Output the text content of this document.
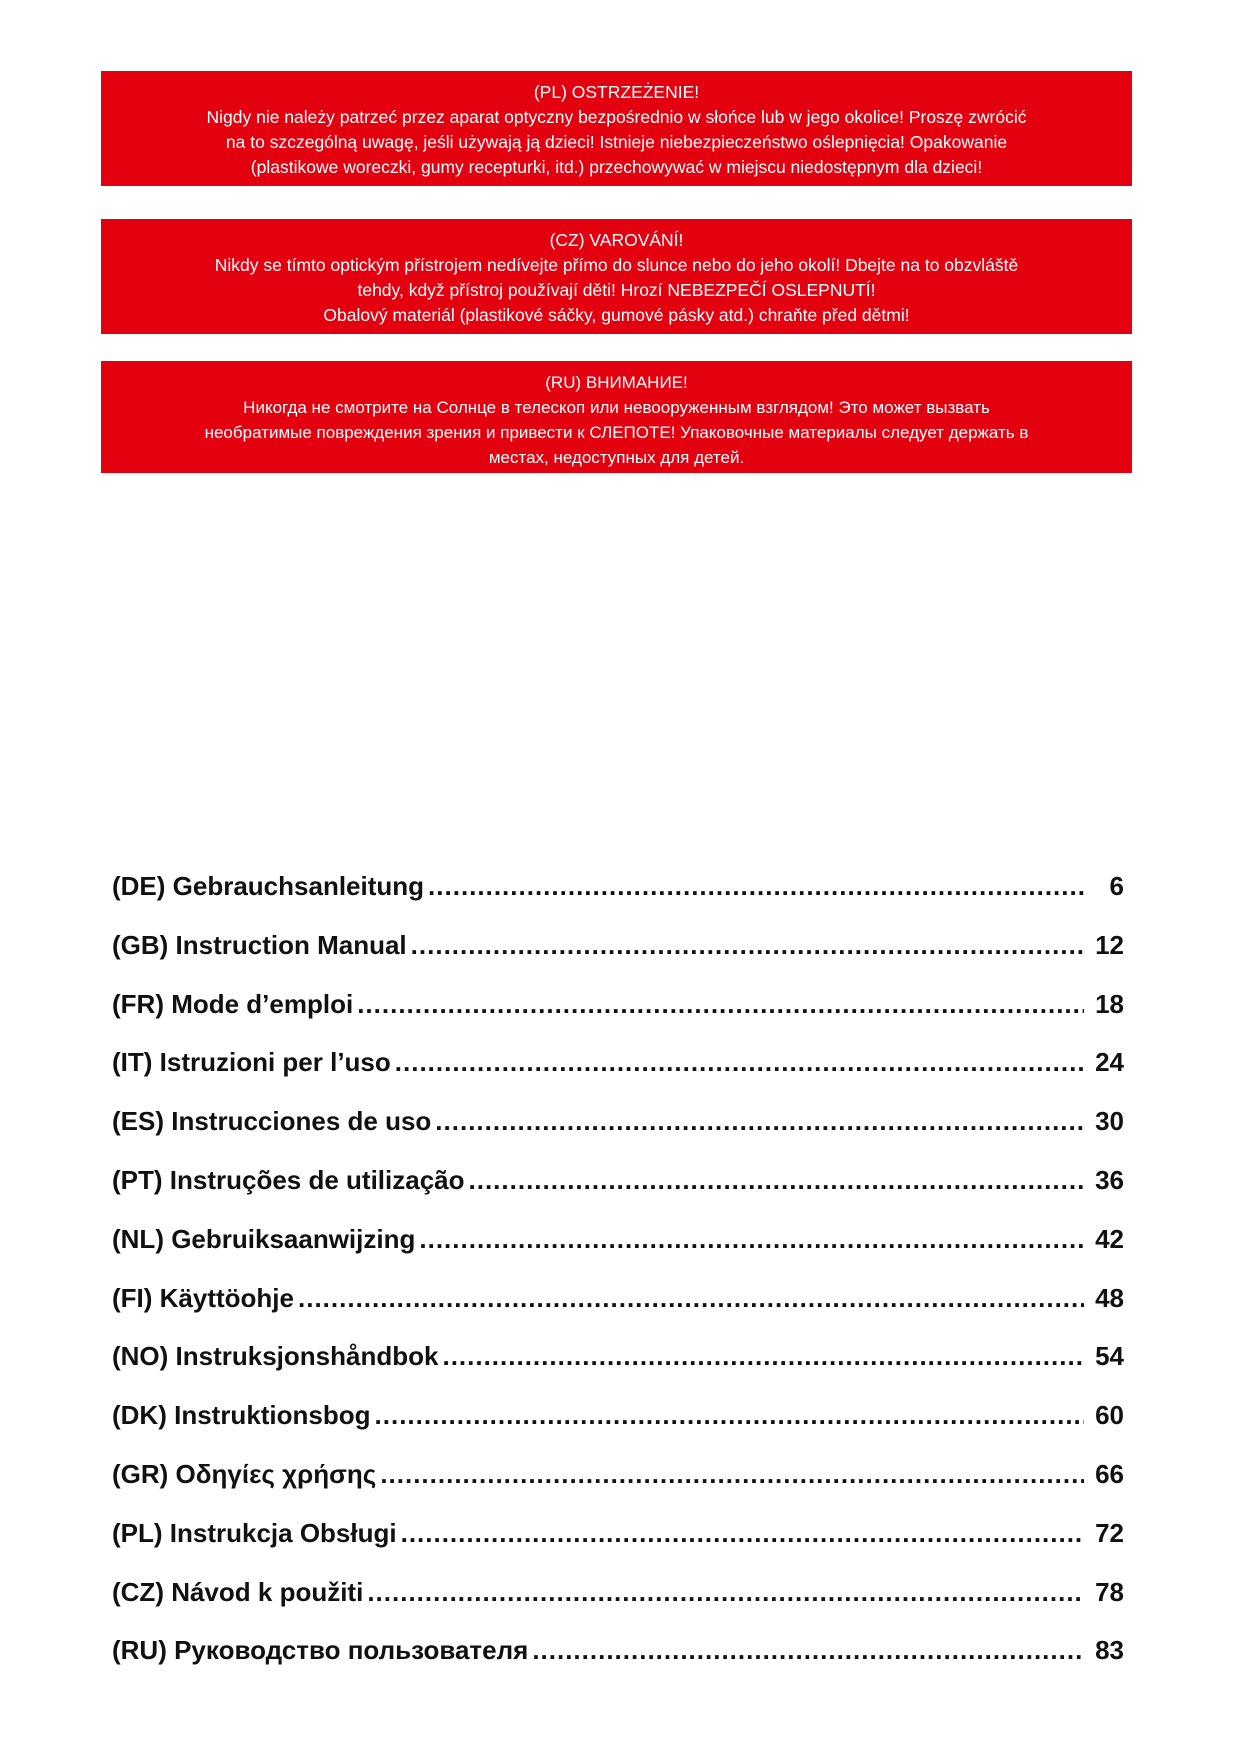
(PL) OSTRZEŻENIE!
Nigdy nie należy patrzeć przez aparat optyczny bezpośrednio w słońce lub w jego okolice! Proszę zwrócić
na to szczególną uwagę, jeśli używają ją dzieci! Istnieje niebezpieczeństwo oślepnięcia! Opakowanie
(plastikowe woreczki, gumy recepturki, itd.) przechowywać w miejscu niedostępnym dla dzieci!
(CZ) VAROVÁNÍ!
Nikdy se tímto optickým přístrojem nedívejte přímo do slunce nebo do jeho okolí! Dbejte na to obzvláště
tehdy, když přístroj používají děti! Hrozí NEBEZPEČÍ OSLEPNUTÍ!
Obalový materiál (plastikové sáčky, gumové pásky atd.) chraňte před dětmi!
(RU) ВНИМАНИЕ!
Никогда не смотрите на Солнце в телескоп или невооруженным взглядом! Это может вызвать
необратимые повреждения зрения и привести к СЛЕПОТЕ! Упаковочные материалы следует держать в
местах, недоступных для детей.
(DE) Gebrauchsanleitung .....	6
(GB) Instruction Manual .....	12
(FR) Mode d’emploi .....	18
(IT) Istruzioni per l’uso .....	24
(ES) Instrucciones de uso .....	30
(PT) Instruções de utilização .....	36
(NL) Gebruiksaanwijzing .....	42
(FI) Käyttöohje .....	48
(NO) Instruksjonshåndbok .....	54
(DK) Instruktionsbog .....	60
(GR) Οδηγίες χρήσης .....	66
(PL) Instrukcja Obsługi .....	72
(CZ) Návod k použiti .....	78
(RU) Руководство пользователя .....	83
